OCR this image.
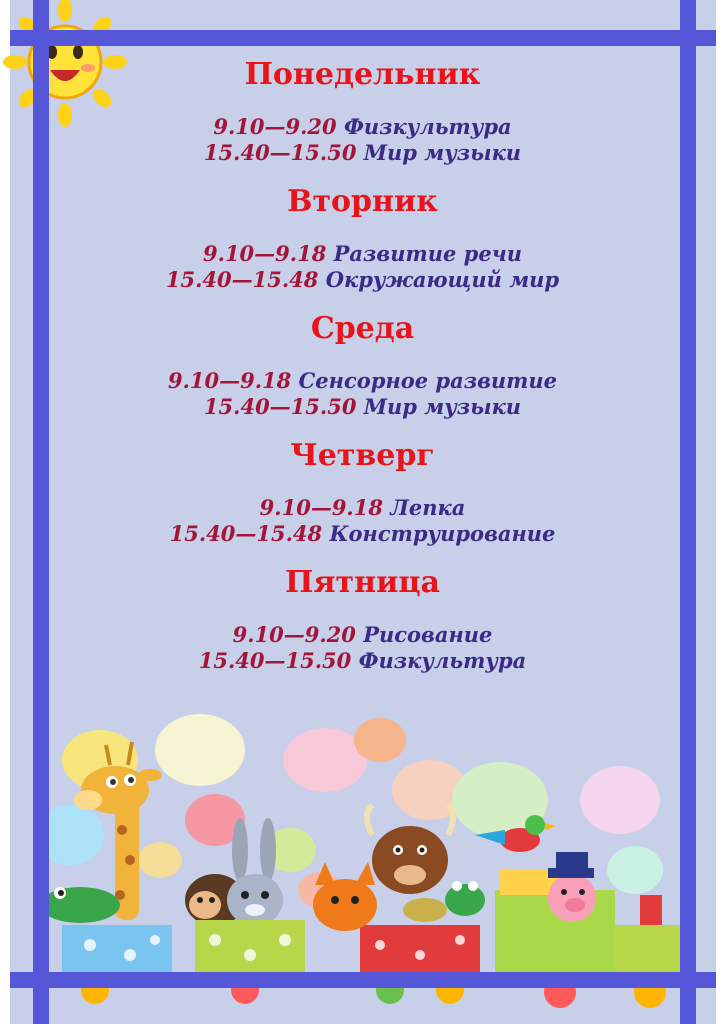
Понедельник
9.10—9.20 Физкультура
15.40—15.50 Мир музыки
Вторник
9.10—9.18 Развитие речи
15.40—15.48 Окружающий мир
Среда
9.10—9.18 Сенсорное развитие
15.40—15.50 Мир музыки
Четверг
9.10—9.18 Лепка
15.40—15.48 Конструирование
Пятница
9.10—9.20 Рисование
15.40—15.50 Физкультура
